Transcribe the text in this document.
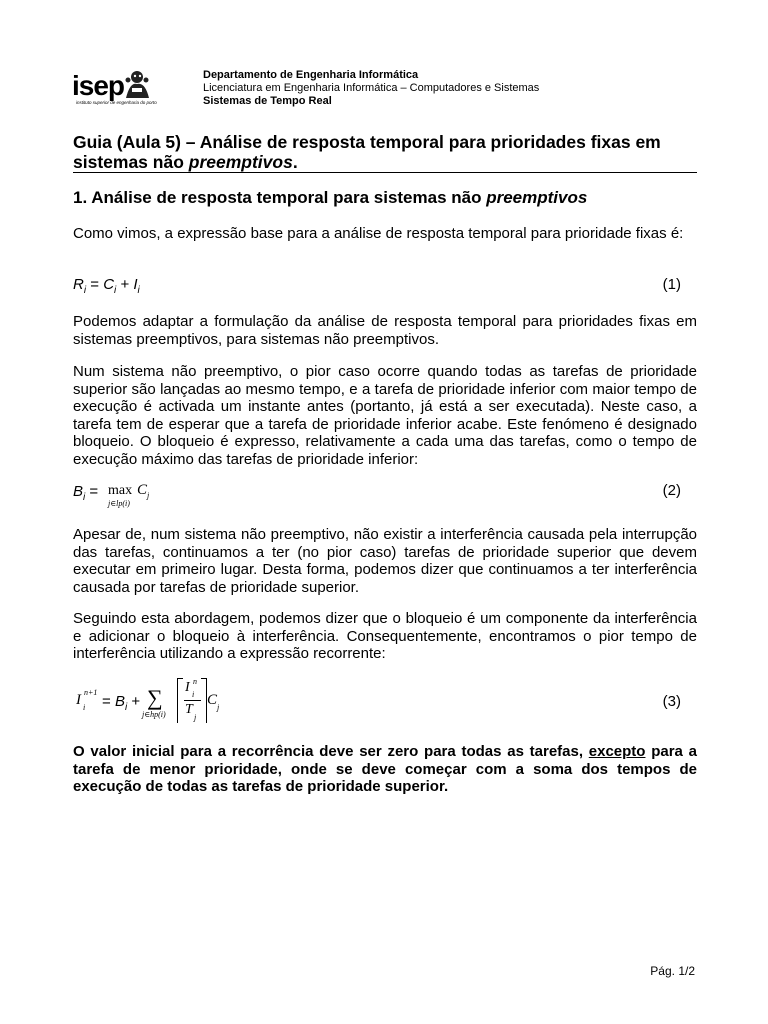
isep
instituto superior de engenharia do porto
Departamento de Engenharia Informática
Licenciatura em Engenharia Informática – Computadores e Sistemas
Sistemas de Tempo Real
Guia (Aula 5) – Análise de resposta temporal para prioridades fixas em sistemas não preemptivos.
1. Análise de resposta temporal para sistemas não preemptivos
Como vimos, a expressão base para a análise de resposta temporal para prioridade fixas é:
$R_i = C_i + I_i$	(1)
Podemos adaptar a formulação da análise de resposta temporal para prioridades fixas em sistemas preemptivos, para sistemas não preemptivos.
Num sistema não preemptivo, o pior caso ocorre quando todas as tarefas de prioridade superior são lançadas ao mesmo tempo, e a tarefa de prioridade inferior com maior tempo de execução é activada um instante antes (portanto, já está a ser executada). Neste caso, a tarefa tem de esperar que a tarefa de prioridade inferior acabe. Este fenómeno é designado bloqueio. O bloqueio é expresso, relativamente a cada uma das tarefas, como o tempo de execução máximo das tarefas de prioridade inferior:
$B_i = \max$
j∈lp(i)
$C_j$	(2)
Apesar de, num sistema não preemptivo, não existir a interferência causada pela interrupção das tarefas, continuamos a ter (no pior caso) tarefas de prioridade superior que devem executar em primeiro lugar. Desta forma, podemos dizer que continuamos a ter interferência causada por tarefas de prioridade superior.
Seguindo esta abordagem, podemos dizer que o bloqueio é um componente da interferência e adicionar o bloqueio à interferência. Consequentemente, encontramos o pior tempo de interferência utilizando a expressão recorrente:
I n+1
$i = B_i$ + ∑
j∈hp(i)
I n
i
T
j
C j	(3)
O valor inicial para a recorrência deve ser zero para todas as tarefas, excepto para a tarefa de menor prioridade, onde se deve começar com a soma dos tempos de execução de todas as tarefas de prioridade superior.
Pág. 1/2
